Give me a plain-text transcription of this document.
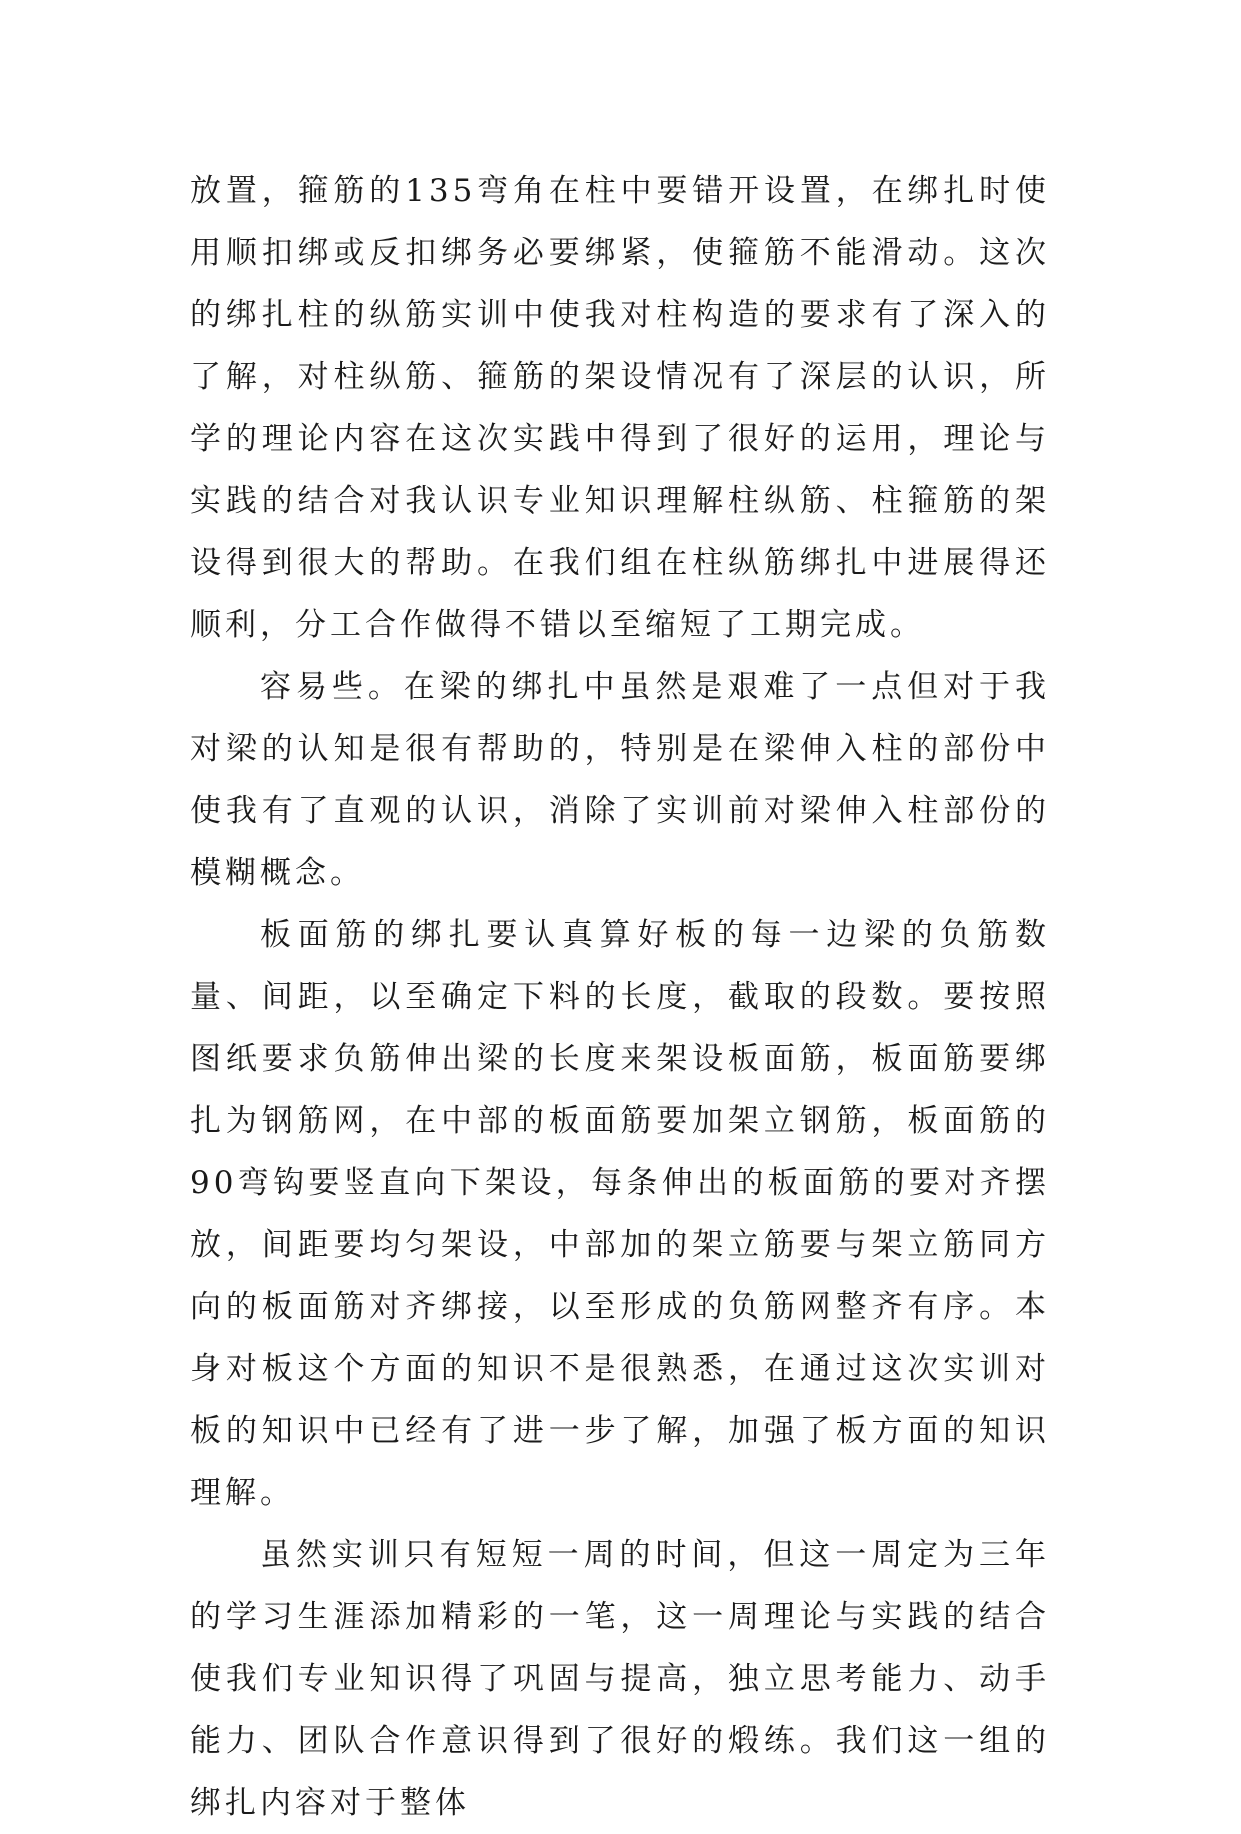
放置，箍筋的135弯角在柱中要错开设置，在绑扎时使用顺扣绑或反扣绑务必要绑紧，使箍筋不能滑动。这次的绑扎柱的纵筋实训中使我对柱构造的要求有了深入的了解，对柱纵筋、箍筋的架设情况有了深层的认识，所学的理论内容在这次实践中得到了很好的运用，理论与实践的结合对我认识专业知识理解柱纵筋、柱箍筋的架设得到很大的帮助。在我们组在柱纵筋绑扎中进展得还顺利，分工合作做得不错以至缩短了工期完成。

容易些。在梁的绑扎中虽然是艰难了一点但对于我对梁的认知是很有帮助的，特别是在梁伸入柱的部份中使我有了直观的认识，消除了实训前对梁伸入柱部份的模糊概念。

板面筋的绑扎要认真算好板的每一边梁的负筋数量、间距，以至确定下料的长度，截取的段数。要按照图纸要求负筋伸出梁的长度来架设板面筋，板面筋要绑扎为钢筋网，在中部的板面筋要加架立钢筋，板面筋的90弯钩要竖直向下架设，每条伸出的板面筋的要对齐摆放，间距要均匀架设，中部加的架立筋要与架立筋同方向的板面筋对齐绑接，以至形成的负筋网整齐有序。本身对板这个方面的知识不是很熟悉，在通过这次实训对板的知识中已经有了进一步了解，加强了板方面的知识理解。

虽然实训只有短短一周的时间，但这一周定为三年的学习生涯添加精彩的一笔，这一周理论与实践的结合使我们专业知识得了巩固与提高，独立思考能力、动手能力、团队合作意识得到了很好的煅练。我们这一组的绑扎内容对于整体
